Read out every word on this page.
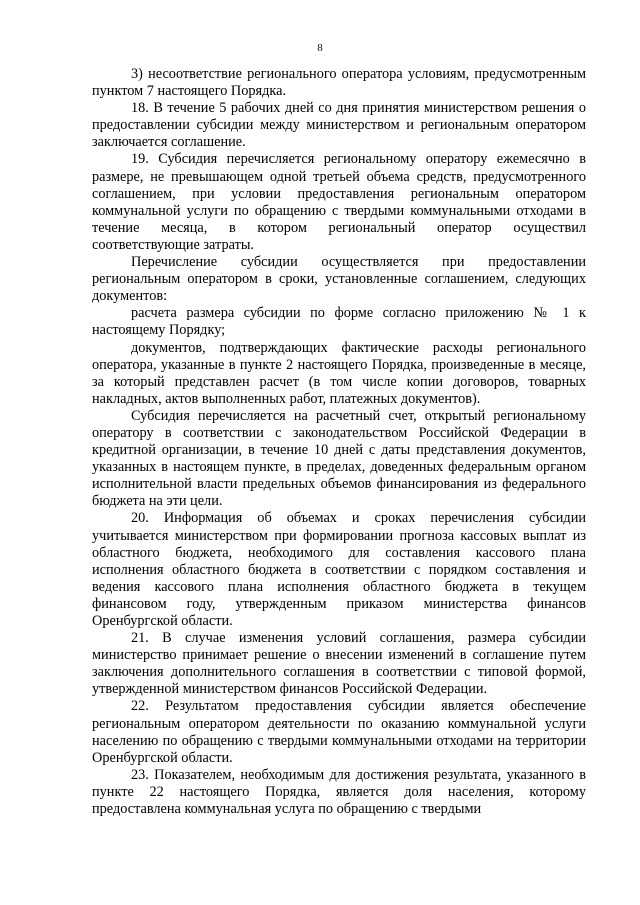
8

3) несоответствие регионального оператора условиям, предусмотренным пунктом 7 настоящего Порядка.

18. В течение 5 рабочих дней со дня принятия министерством решения о предоставлении субсидии между министерством и региональным оператором заключается соглашение.

19. Субсидия перечисляется региональному оператору ежемесячно в размере, не превышающем одной третьей объема средств, предусмотренного соглашением, при условии предоставления региональным оператором коммунальной услуги по обращению с твердыми коммунальными отходами в течение месяца, в котором региональный оператор осуществил соответствующие затраты.

Перечисление субсидии осуществляется при предоставлении региональным оператором в сроки, установленные соглашением, следующих документов:

расчета размера субсидии по форме согласно приложению № 1 к настоящему Порядку;

документов, подтверждающих фактические расходы регионального оператора, указанные в пункте 2 настоящего Порядка, произведенные в месяце, за который представлен расчет (в том числе копии договоров, товарных накладных, актов выполненных работ, платежных документов).

Субсидия перечисляется на расчетный счет, открытый региональному оператору в соответствии с законодательством Российской Федерации в кредитной организации, в течение 10 дней с даты представления документов, указанных в настоящем пункте, в пределах, доведенных федеральным органом исполнительной власти предельных объемов финансирования из федерального бюджета на эти цели.

20. Информация об объемах и сроках перечисления субсидии учитывается министерством при формировании прогноза кассовых выплат из областного бюджета, необходимого для составления кассового плана исполнения областного бюджета в соответствии с порядком составления и ведения кассового плана исполнения областного бюджета в текущем финансовом году, утвержденным приказом министерства финансов Оренбургской области.

21. В случае изменения условий соглашения, размера субсидии министерство принимает решение о внесении изменений в соглашение путем заключения дополнительного соглашения в соответствии с типовой формой, утвержденной министерством финансов Российской Федерации.

22. Результатом предоставления субсидии является обеспечение региональным оператором деятельности по оказанию коммунальной услуги населению по обращению с твердыми коммунальными отходами на территории Оренбургской области.

23. Показателем, необходимым для достижения результата, указанного в пункте 22 настоящего Порядка, является доля населения, которому предоставлена коммунальная услуга по обращению с твердыми
